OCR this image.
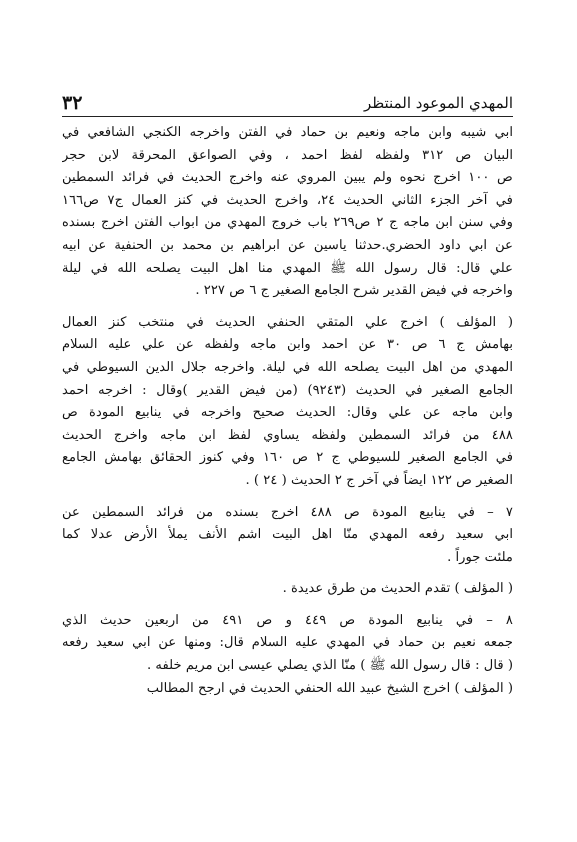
٣٢	المهدي الموعود المنتظر
ابي شيبه وابن ماجه ونعيم بن حماد في الفتن واخرجه الكنجي الشافعي في
البيان ص ٣١٢ ولفظه لفظ احمد ، وفي الصواعق المحرقة لابن حجر
ص ١٠٠ اخرج نحوه ولم يبين المروي عنه واخرج الحديث في فرائد السمطين
في آخر الجزء الثاني الحديث ٢٤، واخرج الحديث في كنز العمال ج٧ ص١٦٦
وفي سنن ابن ماجه ج ٢ ص٢٦٩ باب خروج المهدي من ابواب الفتن اخرج بسنده
عن ابي داود الحضري.حدثنا ياسين عن ابراهيم بن محمد بن الحنفية عن ابيه
علي قال: قال رسول الله ﷺ المهدي منا اهل البيت يصلحه الله في ليلة
واخرجه في فيض القدير شرح الجامع الصغير ج ٦ ص ٢٢٧ .
( المؤلف ) اخرج علي المتقي الحنفي الحديث في منتخب كنز العمال
بهامش ج ٦ ص ٣٠ عن احمد وابن ماجه ولفظه عن علي عليه السلام
المهدي من اهل البيت يصلحه الله في ليلة. واخرجه جلال الدين السيوطي في
الجامع الصغير في الحديث (٩٢٤٣) (من فيض القدير )وقال : اخرجه احمد
وابن ماجه عن علي وقال: الحديث صحيح واخرجه في ينابيع المودة ص
٤٨٨ من فرائد السمطين ولفظه يساوي لفظ ابن ماجه واخرج الحديث
في الجامع الصغير للسيوطي ج ٢ ص ١٦٠ وفي كنوز الحقائق بهامش الجامع
الصغير ص ١٢٢ ايضاً في آخر ج ٢ الحديث ( ٢٤ ) .
٧ – في ينابيع المودة ص ٤٨٨ اخرج بسنده من فرائد السمطين عن
ابي سعيد رفعه المهدي منّا اهل البيت اشم الأنف يملأ الأرض عدلا كما
ملئت جوراً .
( المؤلف ) تقدم الحديث من طرق عديدة .
٨ – في ينابيع المودة ص ٤٤٩ و ص ٤٩١ من اربعين حديث الذي
جمعه نعيم بن حماد في المهدي عليه السلام قال: ومنها عن ابي سعيد رفعه
( قال : قال رسول الله ﷺ ) منّا الذي يصلي عيسى ابن مريم خلفه .
( المؤلف ) اخرج الشيخ عبيد الله الحنفي الحديث في ارجح المطالب
